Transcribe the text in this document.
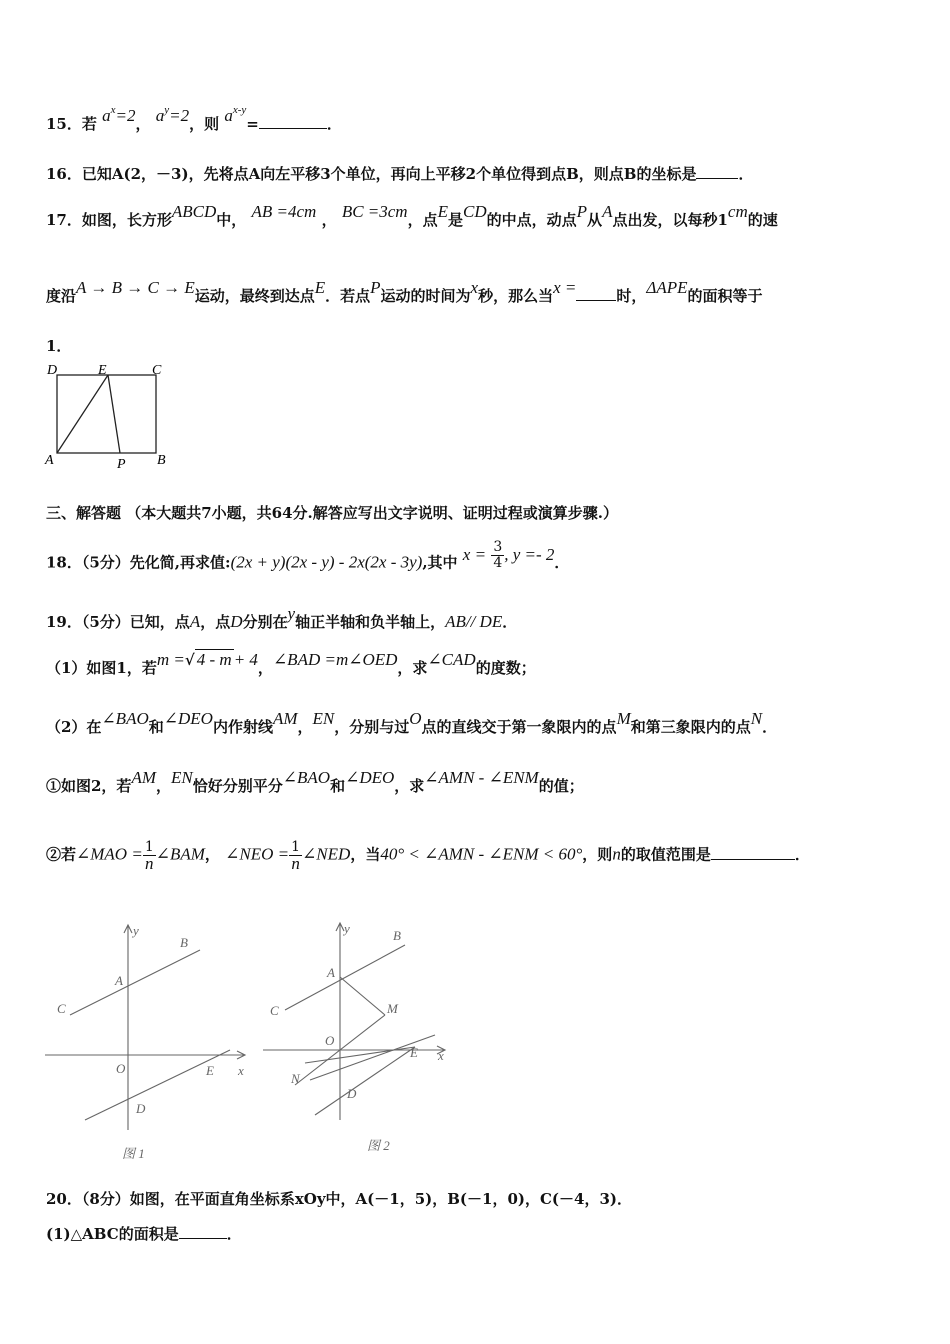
15．若 $a^x=2$， $a^y=2$，则 $a^{x-y}=$	．
16．已知A(2，－3)，先将点A向左平移3个单位，再向上平移2个单位得到点B，则点B的坐标是	．
17．如图，长方形ABCD中， AB =4cm ， BC =3cm，点E是CD的中点，动点P从A点出发，以每秒1cm的速
度沿A → B → C → E运动，最终到达点E．若点P运动的时间为x秒，那么当x =	时，ΔAPE的面积等于
1．
D	E	C
A	P B
三、解答题 （本大题共7小题，共64分.解答应写出文字说明、证明过程或演算步骤.）
18．（5分）先化简,再求值:(2x + y)(2x - y) - 2x(2x - 3y),其中 $x = \frac{3}{4}$ , y =- 2．
19．（5分）已知，点A，点D分别在y轴正半轴和负半轴上，AB// DE．
（1）如图1，若m =√ 4 - m + 4，∠BAD =m∠OED，求∠CAD的度数；
（2）在∠BAO和∠DEO内作射线AM，EN，分别与过O点的直线交于第一象限内的点M和第三象限内的点N．
①如图2，若AM，EN恰好分别平分∠BAO和∠DEO，求∠AMN - ∠ENM的值；
②若∠MAO = $\frac{1}{n}$ ∠BAM， ∠NEO = $\frac{1}{n}$ ∠NED，当40° < ∠AMN - ∠ENM < 60°，则n的取值范围是	．
y
B
A
C
O	E x
D
图 1
y	B
A
M
C
O
E x
N
D
图 2
20．（8分）如图，在平面直角坐标系xOy中，A(－1，5)，B(－1，0)，C(－4，3)．
(1)△ABC的面积是	．
